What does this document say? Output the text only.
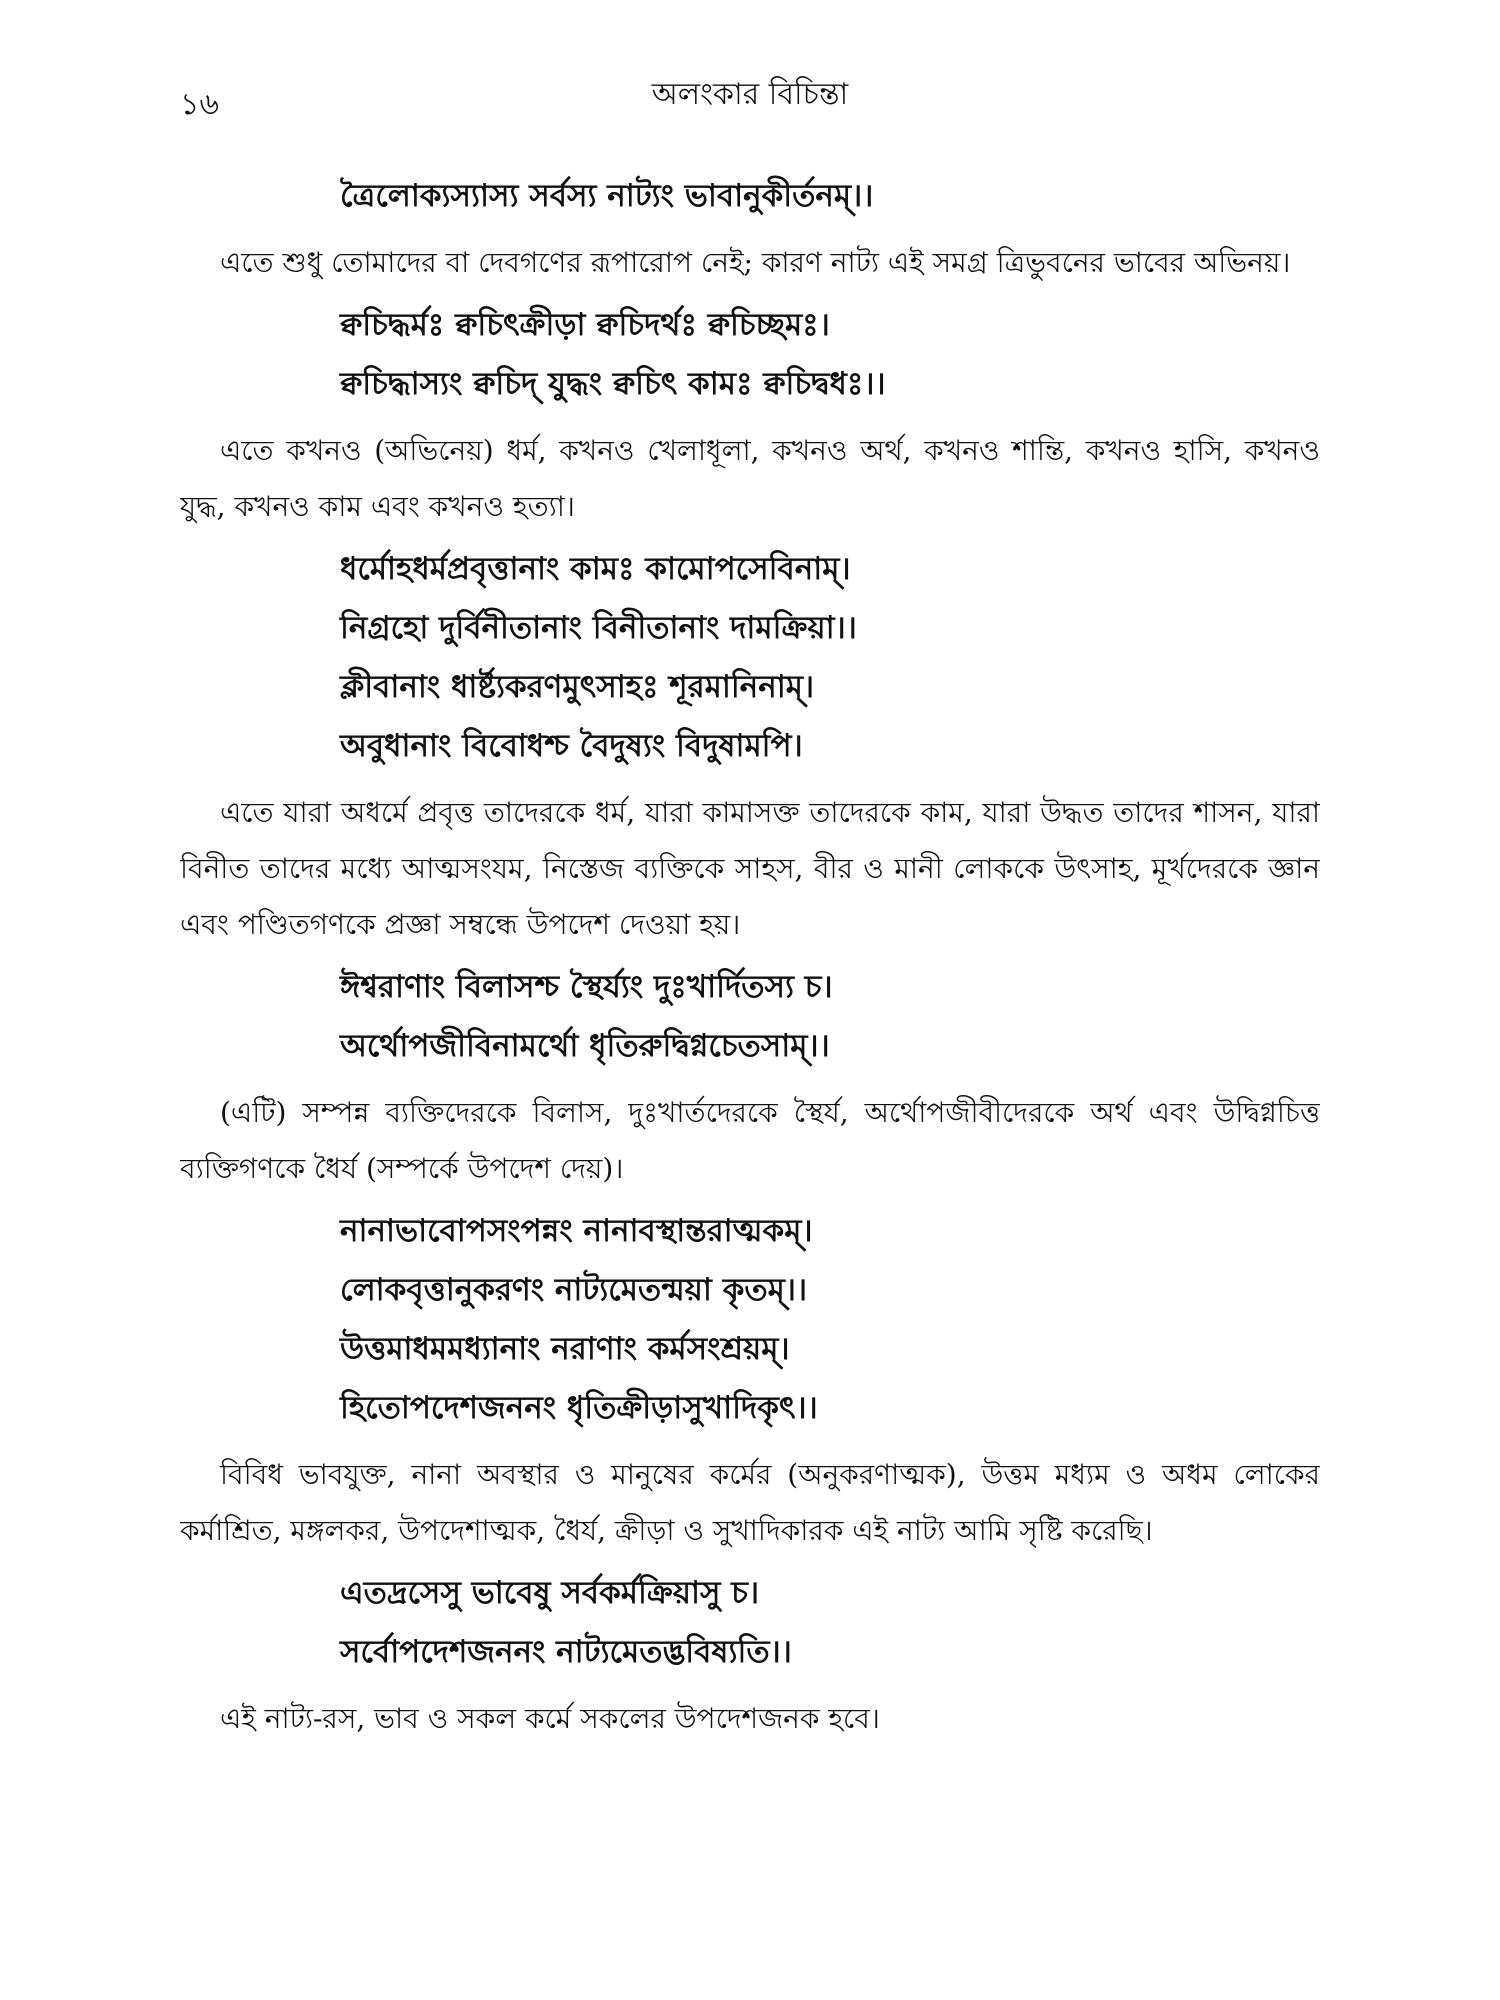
১৬	অলংকার বিচিন্তা

ত্রৈলোক্যস্যাস্য সর্বস্য নাট্যং ভাবানুকীর্তনম্।।

এতে শুধু তোমাদের বা দেবগণের রূপারোপ নেই; কারণ নাট্য এই সমগ্র ত্রিভুবনের ভাবের অভিনয়।

ক্বচিদ্ধর্মঃ ক্বচিৎক্রীড়া ক্বচিদর্থঃ ক্বচিচ্ছমঃ।

ক্বচিদ্ধাস্যং ক্বচিদ্ যুদ্ধং ক্বচিৎ কামঃ ক্বচিদ্বধঃ।।

এতে কখনও (অভিনেয়) ধর্ম, কখনও খেলাধূলা, কখনও অর্থ, কখনও শান্তি, কখনও হাসি, কখনও যুদ্ধ, কখনও কাম এবং কখনও হত্যা।

ধর্মোহধর্মপ্রবৃত্তানাং কামঃ কামোপসেবিনাম্।

নিগ্রহো দুর্বিনীতানাং বিনীতানাং দামক্রিয়া।।

ক্লীবানাং ধার্ষ্ট্যকরণমুৎসাহঃ শূরমানিনাম্।

অবুধানাং বিবোধশ্চ বৈদুষ্যং বিদুষামপি।

এতে যারা অধর্মে প্রবৃত্ত তাদেরকে ধর্ম, যারা কামাসক্ত তাদেরকে কাম, যারা উদ্ধত তাদের শাসন, যারা বিনীত তাদের মধ্যে আত্মসংযম, নিস্তেজ ব্যক্তিকে সাহস, বীর ও মানী লোককে উৎসাহ, মূর্খদেরকে জ্ঞান এবং পণ্ডিতগণকে প্রজ্ঞা সম্বন্ধে উপদেশ দেওয়া হয়।

ঈশ্বরাণাং বিলাসশ্চ স্থৈর্য্যং দুঃখার্দিতস্য চ।

অর্থোপজীবিনামর্থো ধৃতিরুদ্বিগ্নচেতসাম্।।

(এটি) সম্পন্ন ব্যক্তিদেরকে বিলাস, দুঃখার্তদেরকে স্থৈর্য, অর্থোপজীবীদেরকে অর্থ এবং উদ্বিগ্নচিত্ত ব্যক্তিগণকে ধৈর্য (সম্পর্কে উপদেশ দেয়)।

নানাভাবোপসংপন্নং নানাবস্থান্তরাত্মকম্।

লোকবৃত্তানুকরণং নাট্যমেতন্ময়া কৃতম্।।

উত্তমাধমমধ্যানাং নরাণাং কর্মসংশ্রয়ম্।

হিতোপদেশজননং ধৃতিক্রীড়াসুখাদিকৃৎ।।

বিবিধ ভাবযুক্ত, নানা অবস্থার ও মানুষের কর্মের (অনুকরণাত্মক), উত্তম মধ্যম ও অধম লোকের কর্মাশ্রিত, মঙ্গলকর, উপদেশাত্মক, ধৈর্য, ক্রীড়া ও সুখাদিকারক এই নাট্য আমি সৃষ্টি করেছি।

এতদ্রসেসু ভাবেষু সর্বকর্মক্রিয়াসু চ।

সর্বোপদেশজননং নাট্যমেতদ্ভবিষ্যতি।।

এই নাট্য-রস, ভাব ও সকল কর্মে সকলের উপদেশজনক হবে।
